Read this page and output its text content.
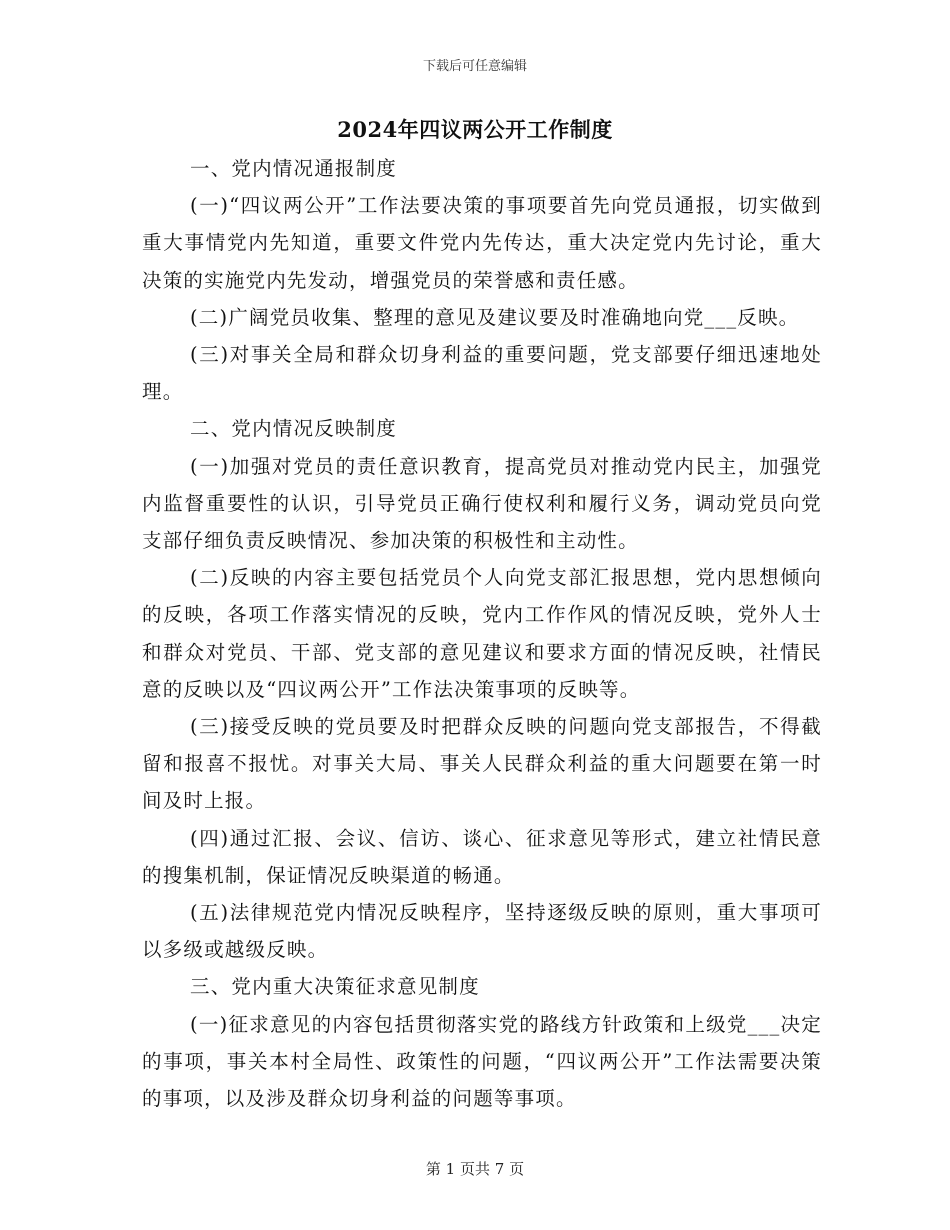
下载后可任意编辑
2024年四议两公开工作制度

一、党内情况通报制度

(一)“四议两公开”工作法要决策的事项要首先向党员通报，切实做到重大事情党内先知道，重要文件党内先传达，重大决定党内先讨论，重大决策的实施党内先发动，增强党员的荣誉感和责任感。

(二)广阔党员收集、整理的意见及建议要及时准确地向党___反映。

(三)对事关全局和群众切身利益的重要问题，党支部要仔细迅速地处理。

二、党内情况反映制度

(一)加强对党员的责任意识教育，提高党员对推动党内民主，加强党内监督重要性的认识，引导党员正确行使权利和履行义务，调动党员向党支部仔细负责反映情况、参加决策的积极性和主动性。

(二)反映的内容主要包括党员个人向党支部汇报思想，党内思想倾向的反映，各项工作落实情况的反映，党内工作作风的情况反映，党外人士和群众对党员、干部、党支部的意见建议和要求方面的情况反映，社情民意的反映以及“四议两公开”工作法决策事项的反映等。

(三)接受反映的党员要及时把群众反映的问题向党支部报告，不得截留和报喜不报忧。对事关大局、事关人民群众利益的重大问题要在第一时间及时上报。

(四)通过汇报、会议、信访、谈心、征求意见等形式，建立社情民意的搜集机制，保证情况反映渠道的畅通。

(五)法律规范党内情况反映程序，坚持逐级反映的原则，重大事项可以多级或越级反映。

三、党内重大决策征求意见制度

(一)征求意见的内容包括贯彻落实党的路线方针政策和上级党___决定的事项，事关本村全局性、政策性的问题，“四议两公开”工作法需要决策的事项，以及涉及群众切身利益的问题等事项。

第 1 页共 7 页
